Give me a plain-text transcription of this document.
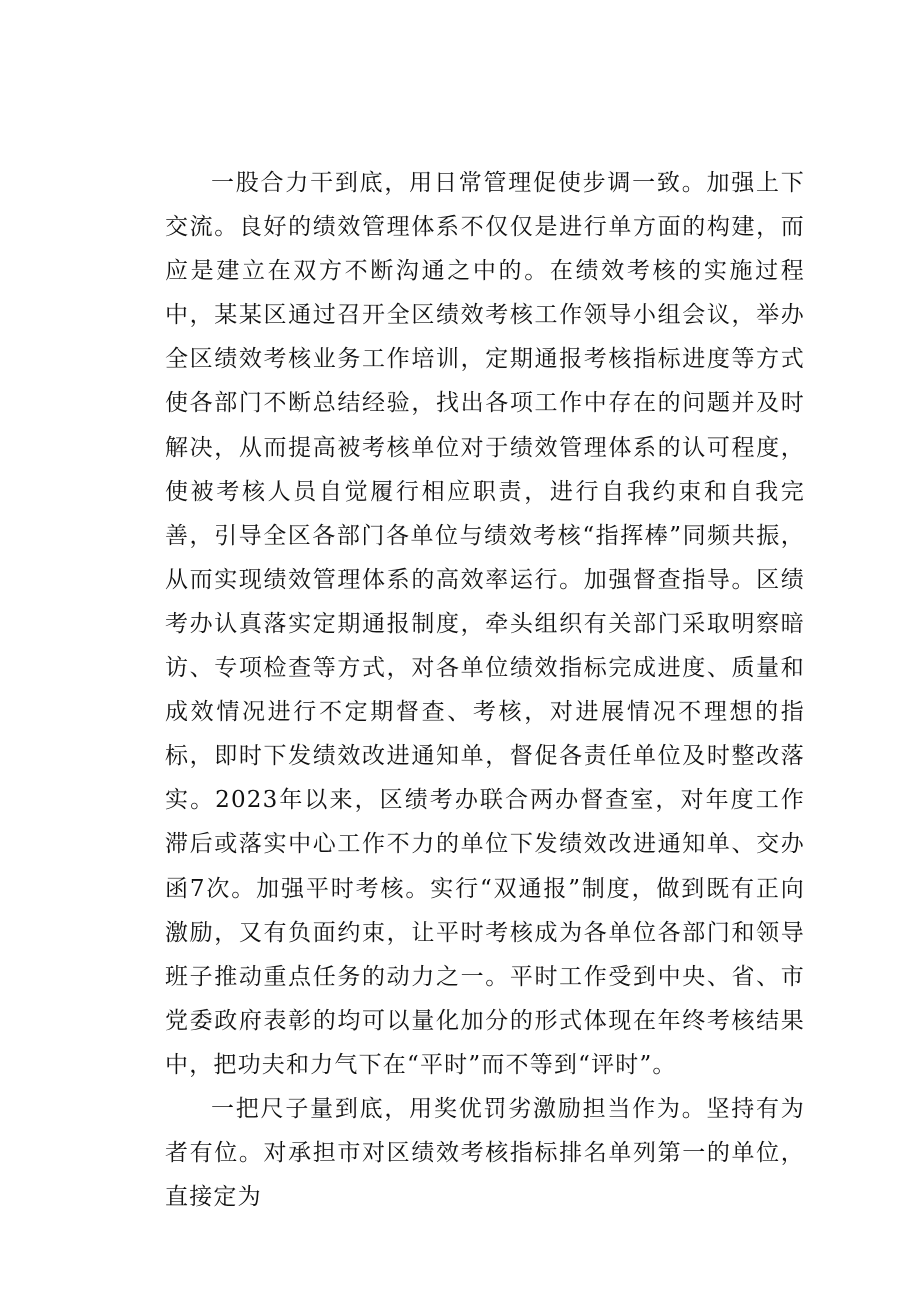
一股合力干到底，用日常管理促使步调一致。加强上下交流。良好的绩效管理体系不仅仅是进行单方面的构建，而应是建立在双方不断沟通之中的。在绩效考核的实施过程中，某某区通过召开全区绩效考核工作领导小组会议，举办全区绩效考核业务工作培训，定期通报考核指标进度等方式使各部门不断总结经验，找出各项工作中存在的问题并及时解决，从而提高被考核单位对于绩效管理体系的认可程度，使被考核人员自觉履行相应职责，进行自我约束和自我完善，引导全区各部门各单位与绩效考核“指挥棒”同频共振，从而实现绩效管理体系的高效率运行。加强督查指导。区绩考办认真落实定期通报制度，牵头组织有关部门采取明察暗访、专项检查等方式，对各单位绩效指标完成进度、质量和成效情况进行不定期督查、考核，对进展情况不理想的指标，即时下发绩效改进通知单，督促各责任单位及时整改落实。2023年以来，区绩考办联合两办督查室，对年度工作滞后或落实中心工作不力的单位下发绩效改进通知单、交办函7次。加强平时考核。实行“双通报”制度，做到既有正向激励，又有负面约束，让平时考核成为各单位各部门和领导班子推动重点任务的动力之一。平时工作受到中央、省、市党委政府表彰的均可以量化加分的形式体现在年终考核结果中，把功夫和力气下在“平时”而不等到“评时”。

一把尺子量到底，用奖优罚劣激励担当作为。坚持有为者有位。对承担市对区绩效考核指标排名单列第一的单位，直接定为
